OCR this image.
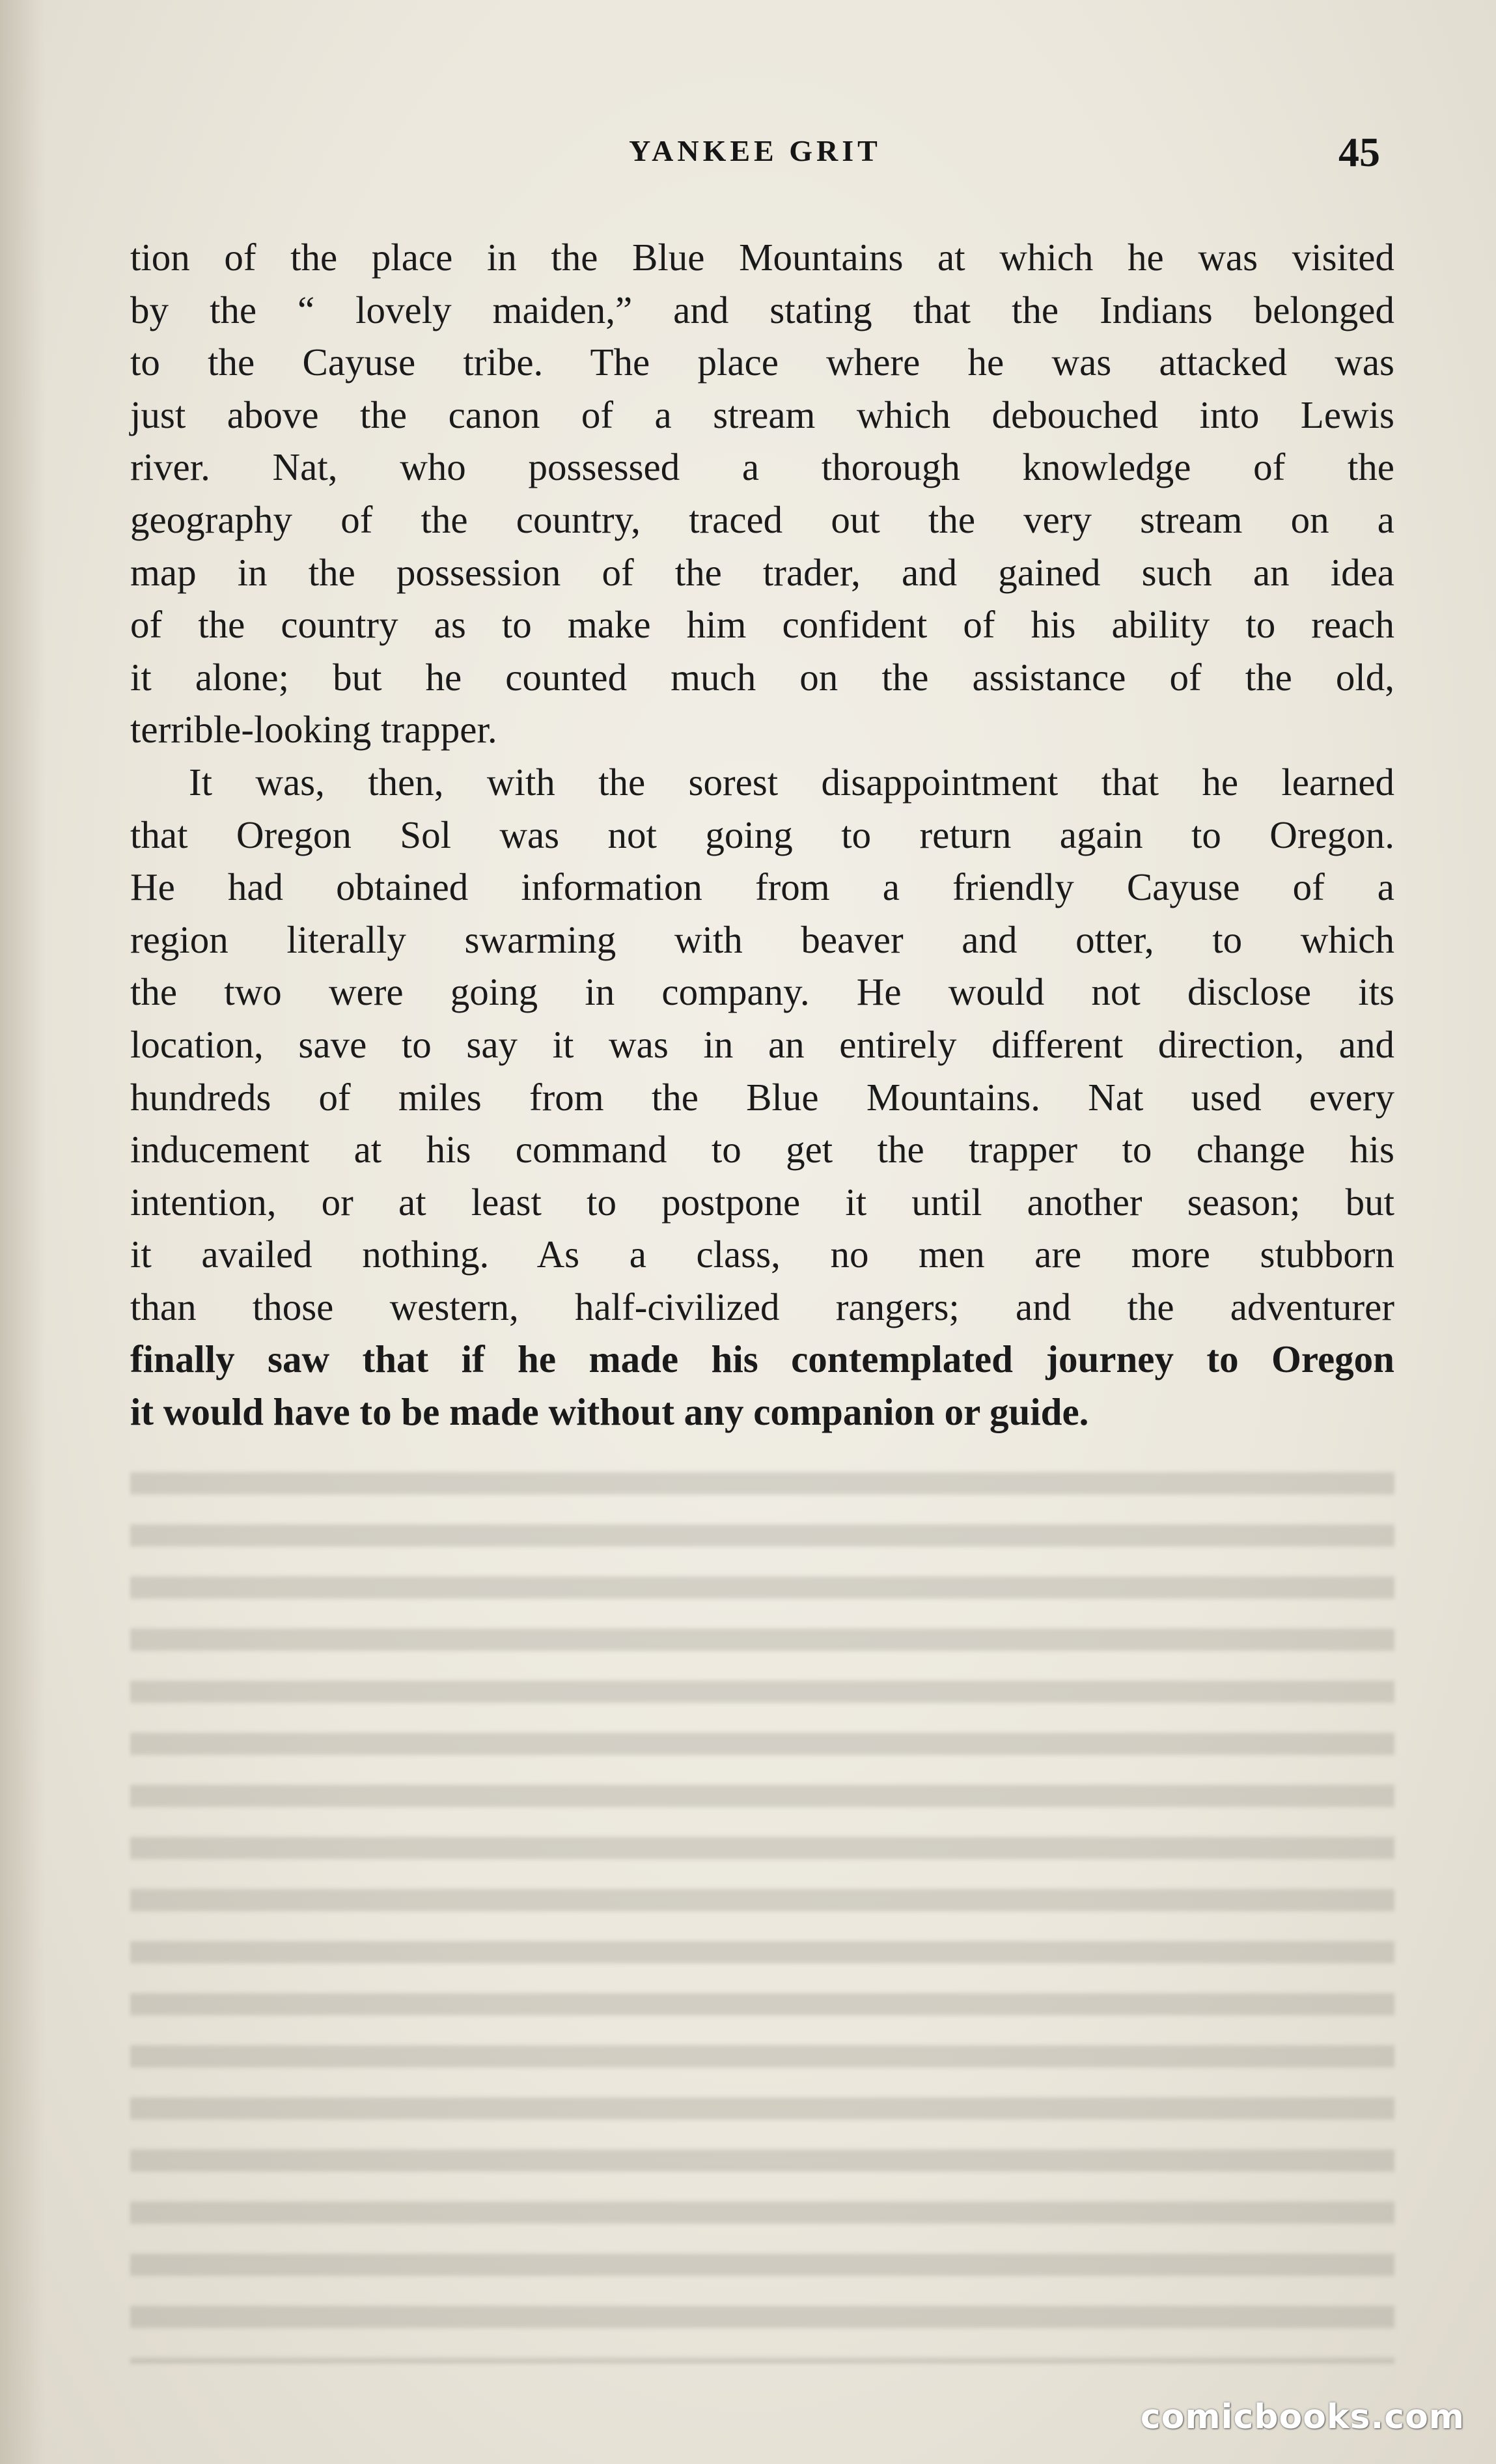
YANKEE GRIT	45
tion of the place in the Blue Mountains at which he was visited
by the “ lovely maiden,” and stating that the Indians belonged
to the Cayuse tribe. The place where he was attacked was
just above the canon of a stream which debouched into Lewis
river. Nat, who possessed a thorough knowledge of the
geography of the country, traced out the very stream on a
map in the possession of the trader, and gained such an idea
of the country as to make him confident of his ability to reach
it alone; but he counted much on the assistance of the old,
terrible-looking trapper.
It was, then, with the sorest disappointment that he learned
that Oregon Sol was not going to return again to Oregon.
He had obtained information from a friendly Cayuse of a
region literally swarming with beaver and otter, to which
the two were going in company. He would not disclose its
location, save to say it was in an entirely different direction, and
hundreds of miles from the Blue Mountains. Nat used every
inducement at his command to get the trapper to change his
intention, or at least to postpone it until another season; but
it availed nothing. As a class, no men are more stubborn
than those western, half-civilized rangers; and the adventurer
finally saw that if he made his contemplated journey to Oregon
it would have to be made without any companion or guide.
comicbooks.com
